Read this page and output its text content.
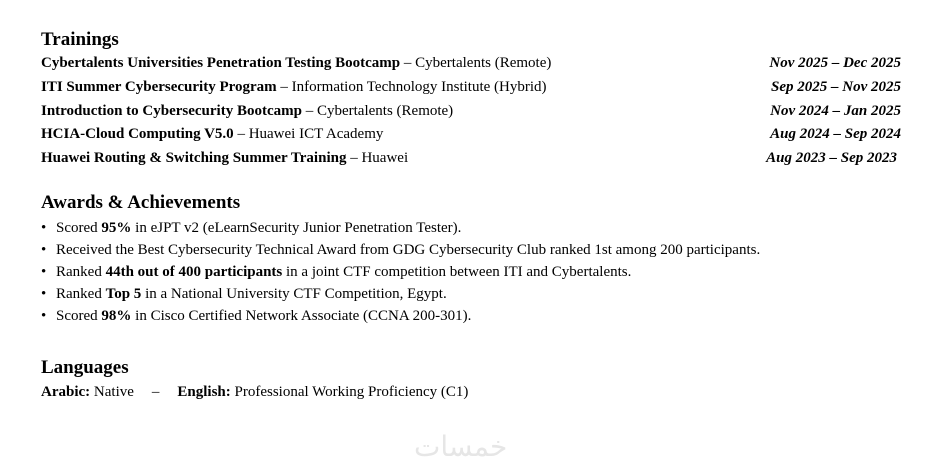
Trainings
Cybertalents Universities Penetration Testing Bootcamp – Cybertalents (Remote)	Nov 2025 – Dec 2025
ITI Summer Cybersecurity Program – Information Technology Institute (Hybrid)	Sep 2025 – Nov 2025
Introduction to Cybersecurity Bootcamp – Cybertalents (Remote)	Nov 2024 – Jan 2025
HCIA-Cloud Computing V5.0 – Huawei ICT Academy	Aug 2024 – Sep 2024
Huawei Routing & Switching Summer Training – Huawei	Aug 2023 – Sep 2023
Awards & Achievements
• Scored 95% in eJPT v2 (eLearnSecurity Junior Penetration Tester).
• Received the Best Cybersecurity Technical Award from GDG Cybersecurity Club ranked 1st among 200 participants.
• Ranked 44th out of 400 participants in a joint CTF competition between ITI and Cybertalents.
• Ranked Top 5 in a National University CTF Competition, Egypt.
• Scored 98% in Cisco Certified Network Associate (CCNA 200-301).
Languages
Arabic: Native – English: Professional Working Proficiency (C1)
خمسات
